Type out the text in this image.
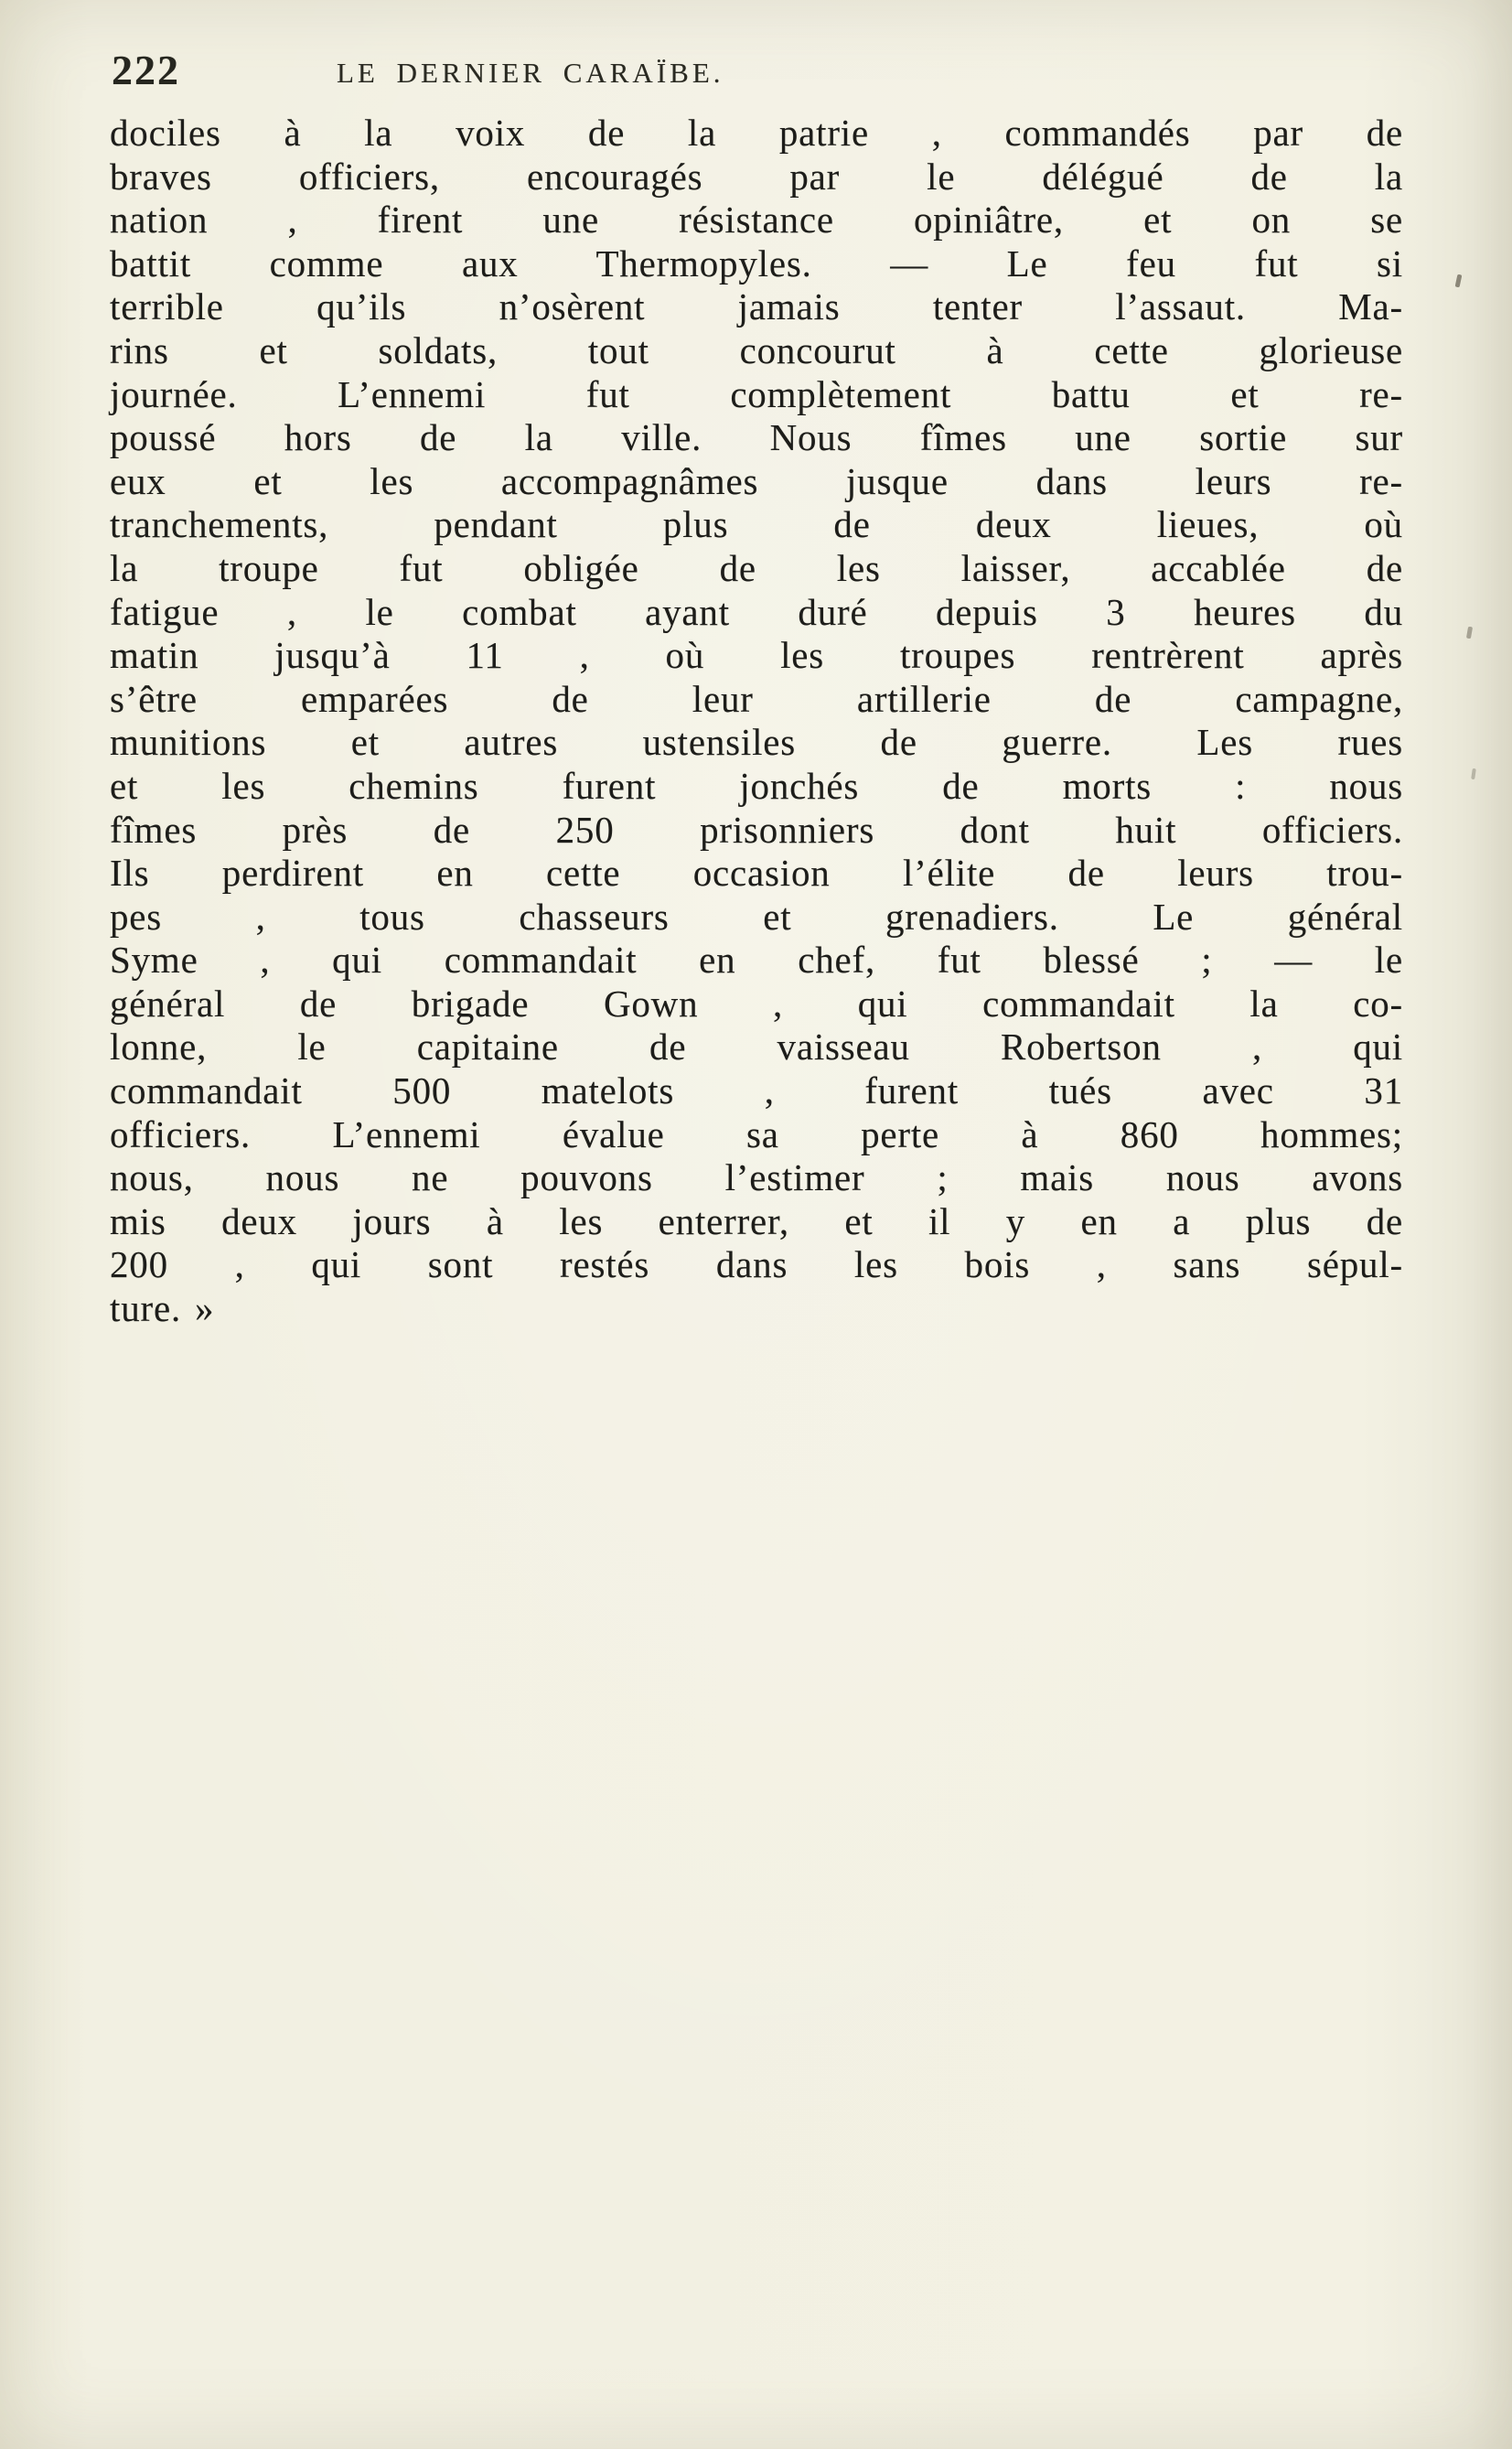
222	LE DERNIER CARAÏBE.
dociles à la voix de la patrie , commandés par de
braves officiers, encouragés par le délégué de la
nation , firent une résistance opiniâtre, et on se
battit comme aux Thermopyles. — Le feu fut si
terrible qu’ils n’osèrent jamais tenter l’assaut. Ma-
rins et soldats, tout concourut à cette glorieuse
journée. L’ennemi fut complètement battu et re-
poussé hors de la ville. Nous fîmes une sortie sur
eux et les accompagnâmes jusque dans leurs re-
tranchements, pendant plus de deux lieues, où
la troupe fut obligée de les laisser, accablée de
fatigue , le combat ayant duré depuis 3 heures du
matin jusqu’à 11 , où les troupes rentrèrent après
s’être emparées de leur artillerie de campagne,
munitions et autres ustensiles de guerre. Les rues
et les chemins furent jonchés de morts : nous
fîmes près de 250 prisonniers dont huit officiers.
Ils perdirent en cette occasion l’élite de leurs trou-
pes , tous chasseurs et grenadiers. Le général
Syme , qui commandait en chef, fut blessé ; — le
général de brigade Gown , qui commandait la co-
lonne, le capitaine de vaisseau Robertson , qui
commandait 500 matelots , furent tués avec 31
officiers. L’ennemi évalue sa perte à 860 hommes;
nous, nous ne pouvons l’estimer ; mais nous avons
mis deux jours à les enterrer, et il y en a plus de
200 , qui sont restés dans les bois , sans sépul-
ture. »
